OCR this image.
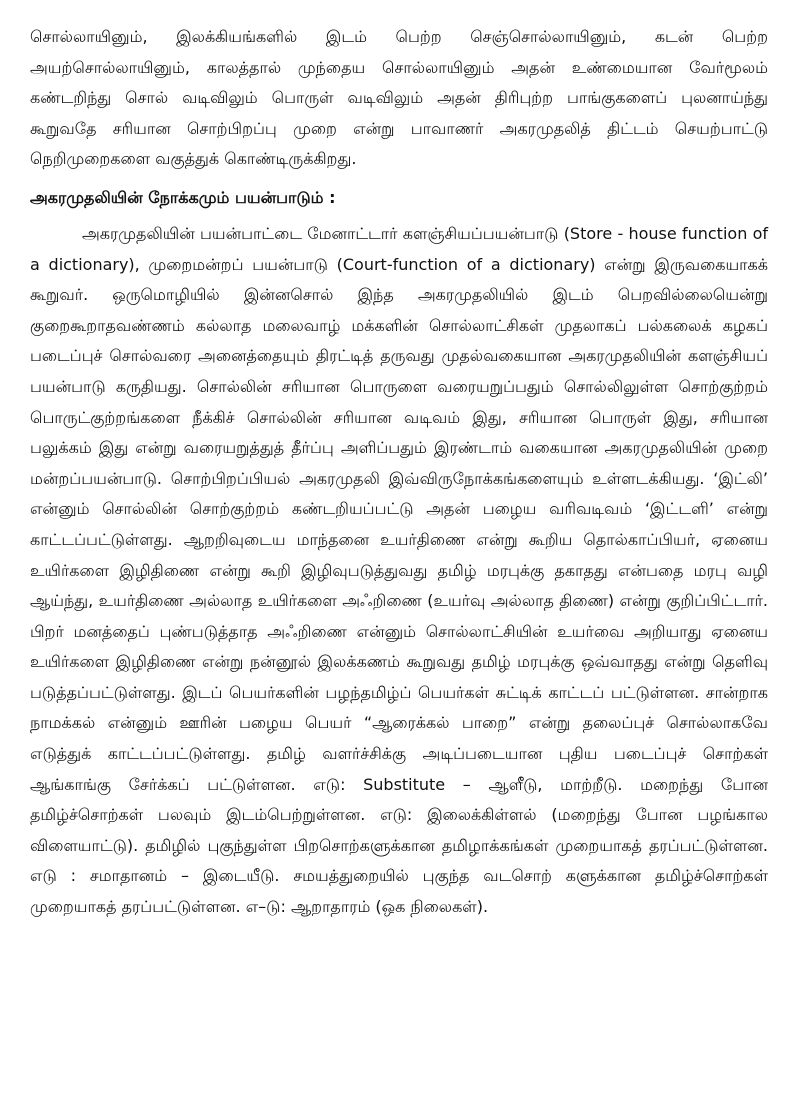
சொல்லாயினும், இலக்கியங்களில் இடம் பெற்ற செஞ்சொல்லாயினும், கடன் பெற்ற அயற்சொல்லாயினும், காலத்தால் முந்தைய சொல்லாயினும் அதன் உண்மையான வேர்மூலம் கண்டறிந்து சொல் வடிவிலும் பொருள் வடிவிலும் அதன் திரிபுற்ற பாங்குகளைப் புலனாய்ந்து கூறுவதே சரியான சொற்பிறப்பு முறை என்று பாவாணர் அகரமுதலித் திட்டம் செயற்பாட்டு நெறிமுறைகளை வகுத்துக் கொண்டிருக்கிறது.

அகரமுதலியின் நோக்கமும் பயன்பாடும் :

அகரமுதலியின் பயன்பாட்டை மேனாட்டார் களஞ்சியப்பயன்பாடு (Store - house function of a dictionary), முறைமன்றப் பயன்பாடு (Court-function of a dictionary) என்று இருவகையாகக் கூறுவர். ஒருமொழியில் இன்னசொல் இந்த அகரமுதலியில் இடம் பெறவில்லையென்று குறைகூறாதவண்ணம் கல்லாத மலைவாழ் மக்களின் சொல்லாட்சிகள் முதலாகப் பல்கலைக் கழகப் படைப்புச் சொல்வரை அனைத்தையும் திரட்டித் தருவது முதல்வகையான அகரமுதலியின் களஞ்சியப் பயன்பாடு கருதியது. சொல்லின் சரியான பொருளை வரையறுப்பதும் சொல்லிலுள்ள சொற்குற்றம் பொருட்குற்றங்களை நீக்கிச் சொல்லின் சரியான வடிவம் இது, சரியான பொருள் இது, சரியான பலுக்கம் இது என்று வரையறுத்துத் தீர்ப்பு அளிப்பதும் இரண்டாம் வகையான அகரமுதலியின் முறை மன்றப்பயன்பாடு. சொற்பிறப்பியல் அகரமுதலி இவ்விருநோக்கங்களையும் உள்ளடக்கியது. ‘இட்லி’ என்னும் சொல்லின் சொற்குற்றம் கண்டறியப்பட்டு அதன் பழைய வரிவடிவம் ‘இட்டளி’ என்று காட்டப்பட்டுள்ளது. ஆறறிவுடைய மாந்தனை உயர்திணை என்று கூறிய தொல்காப்பியர், ஏனைய உயிர்களை இழிதிணை என்று கூறி இழிவுபடுத்துவது தமிழ் மரபுக்கு தகாதது என்பதை மரபு வழி ஆய்ந்து, உயர்திணை அல்லாத உயிர்களை அஃறிணை (உயர்வு அல்லாத திணை) என்று குறிப்பிட்டார். பிறர் மனத்தைப் புண்படுத்தாத அஃறிணை என்னும் சொல்லாட்சியின் உயர்வை அறியாது ஏனைய உயிர்களை இழிதிணை என்று நன்னூல் இலக்கணம் கூறுவது தமிழ் மரபுக்கு ஒவ்வாதது என்று தெளிவு படுத்தப்பட்டுள்ளது. இடப் பெயர்களின் பழந்தமிழ்ப் பெயர்கள் சுட்டிக் காட்டப் பட்டுள்ளன. சான்றாக நாமக்கல் என்னும் ஊரின் பழைய பெயர் “ஆரைக்கல் பாறை” என்று தலைப்புச் சொல்லாகவே எடுத்துக் காட்டப்பட்டுள்ளது. தமிழ் வளர்ச்சிக்கு அடிப்படையான புதிய படைப்புச் சொற்கள் ஆங்காங்கு சேர்க்கப் பட்டுள்ளன. எடு: Substitute – ஆளீடு, மாற்றீடு. மறைந்து போன தமிழ்ச்சொற்கள் பலவும் இடம்பெற்றுள்ளன. எடு: இலைக்கிள்ளல் (மறைந்து போன பழங்கால விளையாட்டு). தமிழில் புகுந்துள்ள பிறசொற்களுக்கான தமிழாக்கங்கள் முறையாகத் தரப்பட்டுள்ளன. எடு : சமாதானம் – இடையீடு. சமயத்துறையில் புகுந்த வடசொற் களுக்கான தமிழ்ச்சொற்கள் முறையாகத் தரப்பட்டுள்ளன. எ–டு: ஆறாதாரம் (ஒக நிலைகள்).
